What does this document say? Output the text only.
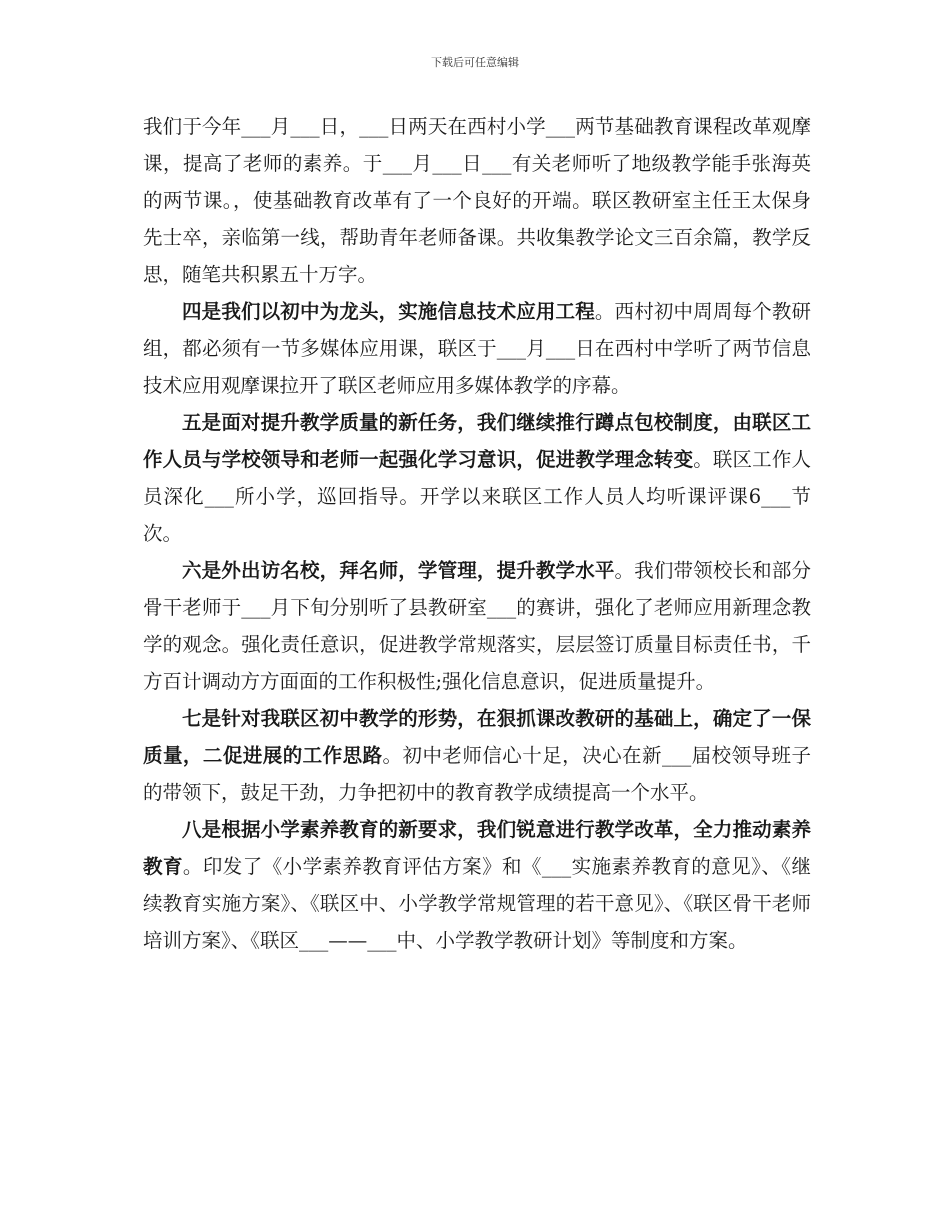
下载后可任意编辑

我们于今年___月___日，___日两天在西村小学___两节基础教育课程改革观摩课，提高了老师的素养。于___月___日___有关老师听了地级教学能手张海英的两节课。，使基础教育改革有了一个良好的开端。联区教研室主任王太保身先士卒，亲临第一线，帮助青年老师备课。共收集教学论文三百余篇，教学反思，随笔共积累五十万字。

四是我们以初中为龙头，实施信息技术应用工程。西村初中周周每个教研组，都必须有一节多媒体应用课，联区于___月___日在西村中学听了两节信息技术应用观摩课拉开了联区老师应用多媒体教学的序幕。

五是面对提升教学质量的新任务，我们继续推行蹲点包校制度，由联区工作人员与学校领导和老师一起强化学习意识，促进教学理念转变。联区工作人员深化___所小学，巡回指导。开学以来联区工作人员人均听课评课6___节次。

六是外出访名校，拜名师，学管理，提升教学水平。我们带领校长和部分骨干老师于___月下旬分别听了县教研室___的赛讲，强化了老师应用新理念教学的观念。强化责任意识，促进教学常规落实，层层签订质量目标责任书，千方百计调动方方面面的工作积极性;强化信息意识，促进质量提升。

七是针对我联区初中教学的形势，在狠抓课改教研的基础上，确定了一保质量，二促进展的工作思路。初中老师信心十足，决心在新___届校领导班子的带领下，鼓足干劲，力争把初中的教育教学成绩提高一个水平。

八是根据小学素养教育的新要求，我们锐意进行教学改革，全力推动素养教育。印发了《小学素养教育评估方案》和《___实施素养教育的意见》、《继续教育实施方案》、《联区中、小学教学常规管理的若干意见》、《联区骨干老师培训方案》、《联区___——___中、小学教学教研计划》等制度和方案。
